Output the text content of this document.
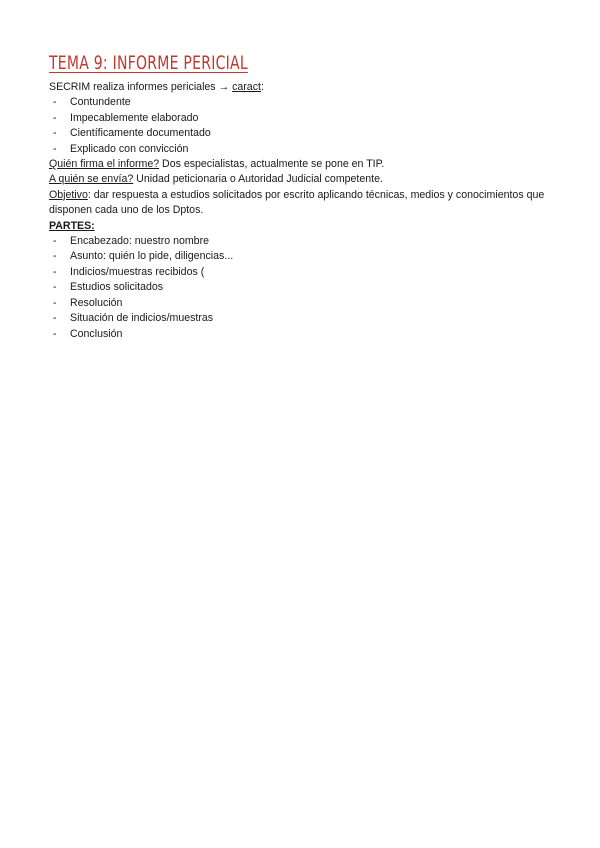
TEMA 9: INFORME PERICIAL

SECRIM realiza informes periciales → caract:

- Contundente
- Impecablemente elaborado
- Científicamente documentado
- Explicado con convicción

Quién firma el informe? Dos especialistas, actualmente se pone en TIP.

A quién se envía? Unidad peticionaria o Autoridad Judicial competente.

Objetivo: dar respuesta a estudios solicitados por escrito aplicando técnicas, medios y conocimientos que disponen cada uno de los Dptos.

PARTES:

- Encabezado: nuestro nombre
- Asunto: quién lo pide, diligencias...
- Indicios/muestras recibidos (
- Estudios solicitados
- Resolución
- Situación de indicios/muestras
- Conclusión
